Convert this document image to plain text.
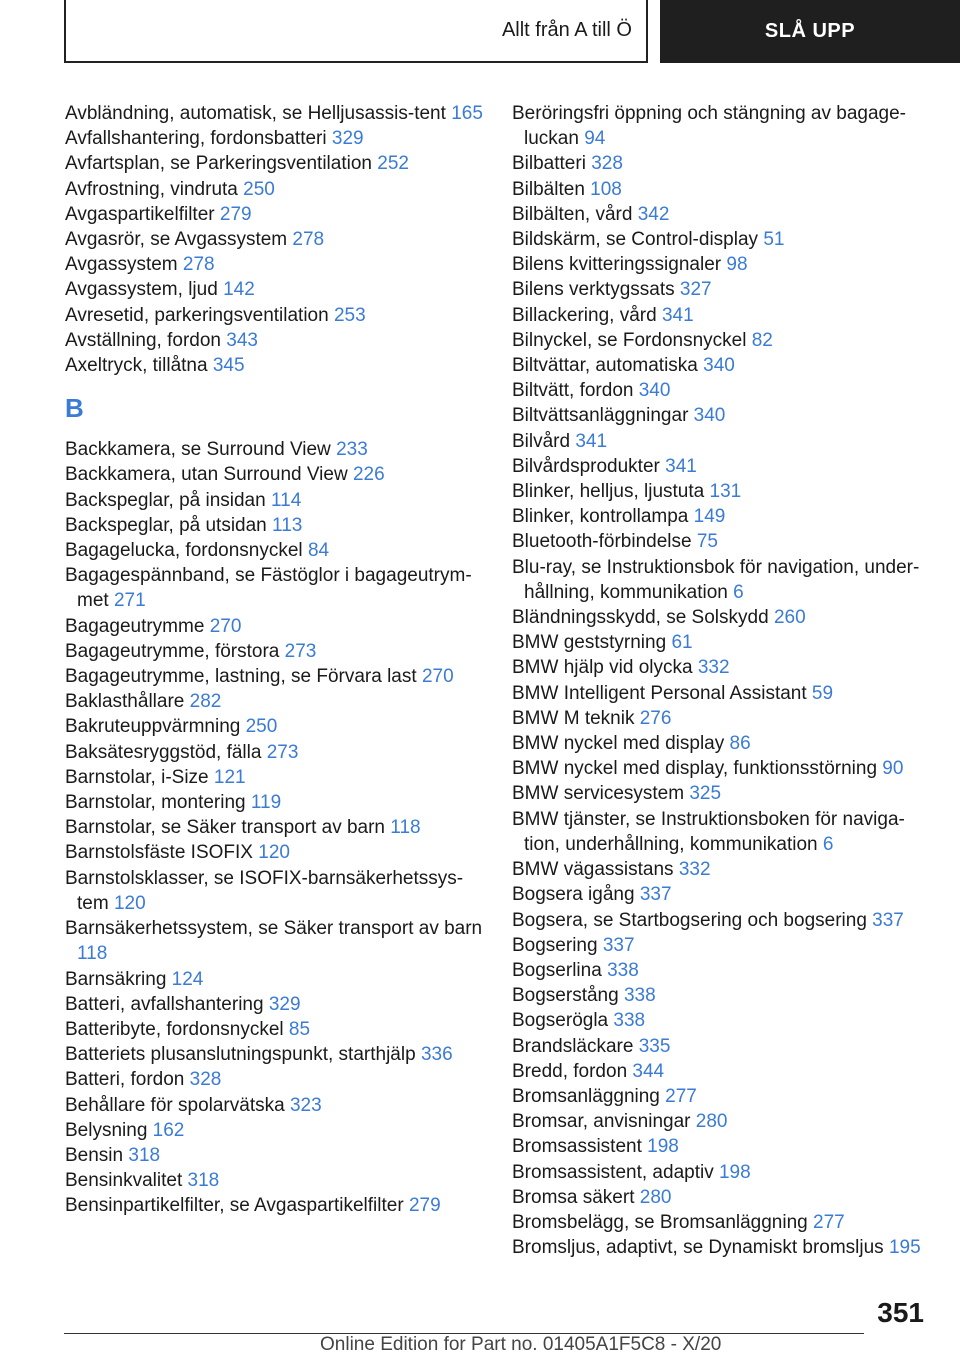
Allt från A till Ö	SLÅ UPP
Avbländning, automatisk, se Helljusassis‐tent 165
Avfallshantering, fordonsbatteri 329
Avfartsplan, se Parkeringsventilation 252
Avfrostning, vindruta 250
Avgaspartikelfilter 279
Avgasrör, se Avgassystem 278
Avgassystem 278
Avgassystem, ljud 142
Avresetid, parkeringsventilation 253
Avställning, fordon 343
Axeltryck, tillåtna 345
B
Backkamera, se Surround View 233
Backkamera, utan Surround View 226
Backspeglar, på insidan 114
Backspeglar, på utsidan 113
Bagagelucka, fordonsnyckel 84
Bagagespännband, se Fästöglor i bagageutrym‐met 271
Bagageutrymme 270
Bagageutrymme, förstora 273
Bagageutrymme, lastning, se Förvara last 270
Baklasthållare 282
Bakruteuppvärmning 250
Baksätesryggstöd, fälla 273
Barnstolar, i-Size 121
Barnstolar, montering 119
Barnstolar, se Säker transport av barn 118
Barnstolsfäste ISOFIX 120
Barnstolsklasser, se ISOFIX-barnsäkerhetssys‐tem 120
Barnsäkerhetssystem, se Säker transport av barn 118
Barnsäkring 124
Batteri, avfallshantering 329
Batteribyte, fordonsnyckel 85
Batteriets plusanslutningspunkt, starthjälp 336
Batteri, fordon 328
Behållare för spolarvätska 323
Belysning 162
Bensin 318
Bensinkvalitet 318
Bensinpartikelfilter, se Avgaspartikelfilter 279
Beröringsfri öppning och stängning av bagage‐luckan 94
Bilbatteri 328
Bilbälten 108
Bilbälten, vård 342
Bildskärm, se Control-display 51
Bilens kvitteringssignaler 98
Bilens verktygssats 327
Billackering, vård 341
Bilnyckel, se Fordonsnyckel 82
Biltvättar, automatiska 340
Biltvätt, fordon 340
Biltvättsanläggningar 340
Bilvård 341
Bilvårdsprodukter 341
Blinker, helljus, ljustuta 131
Blinker, kontrollampa 149
Bluetooth-förbindelse 75
Blu-ray, se Instruktionsbok för navigation, under‐hållning, kommunikation 6
Bländningsskydd, se Solskydd 260
BMW geststyrning 61
BMW hjälp vid olycka 332
BMW Intelligent Personal Assistant 59
BMW M teknik 276
BMW nyckel med display 86
BMW nyckel med display, funktionsstörning 90
BMW servicesystem 325
BMW tjänster, se Instruktionsboken för naviga‐tion, underhållning, kommunikation 6
BMW vägassistans 332
Bogsera igång 337
Bogsera, se Startbogsering och bogsering 337
Bogsering 337
Bogserlina 338
Bogserstång 338
Bogserögla 338
Brandsläckare 335
Bredd, fordon 344
Bromsanläggning 277
Bromsar, anvisningar 280
Bromsassistent 198
Bromsassistent, adaptiv 198
Bromsa säkert 280
Bromsbelägg, se Bromsanläggning 277
Bromsljus, adaptivt, se Dynamiskt bromsljus 195
351
Online Edition for Part no. 01405A1F5C8 - X/20
